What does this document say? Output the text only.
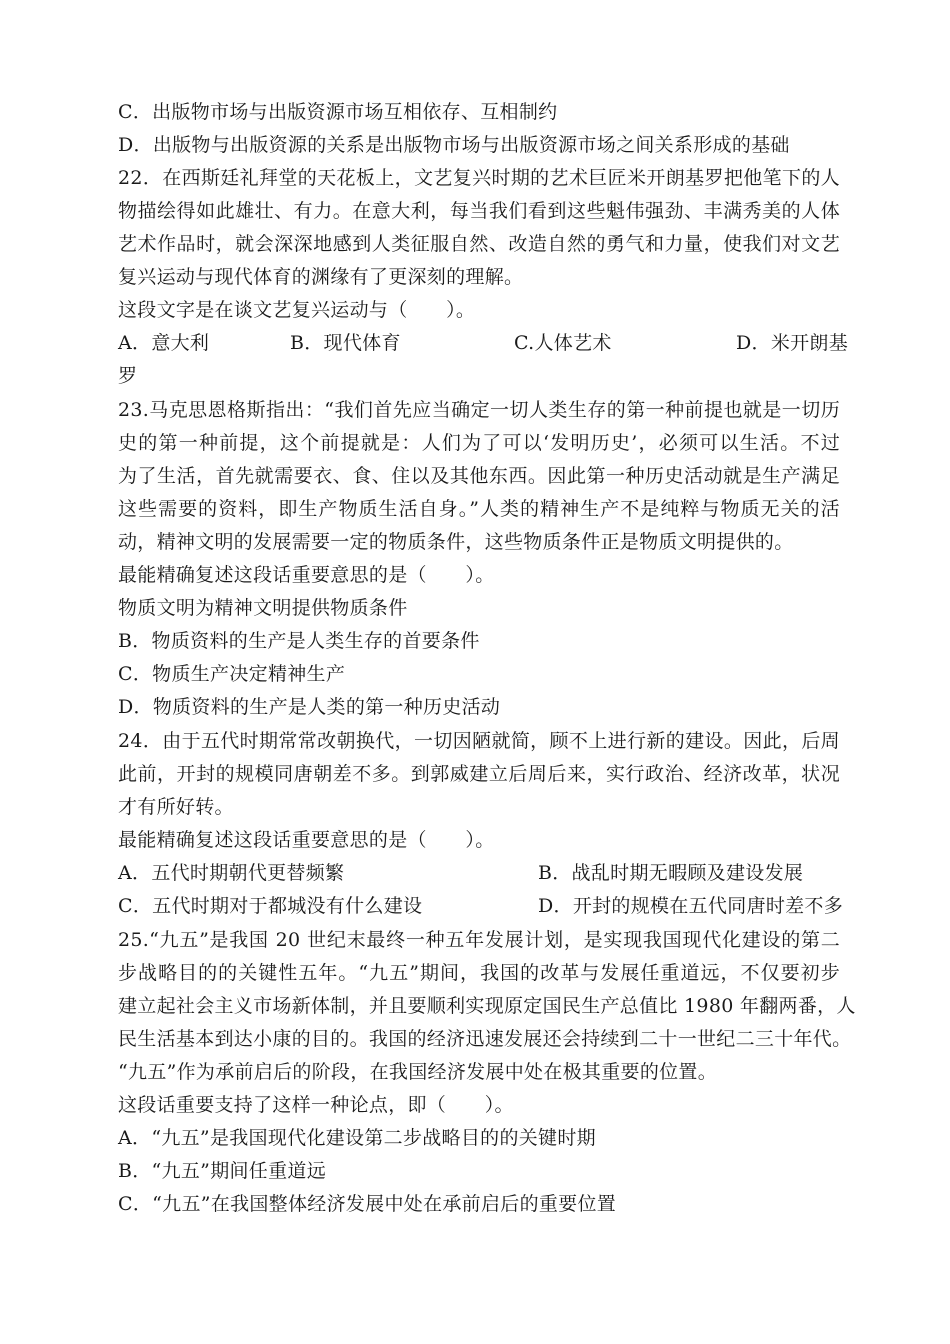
C．出版物市场与出版资源市场互相依存、互相制约
D．出版物与出版资源的关系是出版物市场与出版资源市场之间关系形成的基础
22．在西斯廷礼拜堂的天花板上，文艺复兴时期的艺术巨匠米开朗基罗把他笔下的人
物描绘得如此雄壮、有力。在意大利，每当我们看到这些魁伟强劲、丰满秀美的人体
艺术作品时，就会深深地感到人类征服自然、改造自然的勇气和力量，使我们对文艺
复兴运动与现代体育的渊缘有了更深刻的理解。
这段文字是在谈文艺复兴运动与（　　）。
A．意大利	B．现代体育	C.人体艺术	D．米开朗基
罗
23.马克思恩格斯指出：“我们首先应当确定一切人类生存的第一种前提也就是一切历
史的第一种前提，这个前提就是：人们为了可以‘发明历史’，必须可以生活。不过
为了生活，首先就需要衣、食、住以及其他东西。因此第一种历史活动就是生产满足
这些需要的资料，即生产物质生活自身。”人类的精神生产不是纯粹与物质无关的活
动，精神文明的发展需要一定的物质条件，这些物质条件正是物质文明提供的。
最能精确复述这段话重要意思的是（　　）。
物质文明为精神文明提供物质条件
B．物质资料的生产是人类生存的首要条件
C．物质生产决定精神生产
D．物质资料的生产是人类的第一种历史活动
24．由于五代时期常常改朝换代，一切因陋就简，顾不上进行新的建设。因此，后周
此前，开封的规模同唐朝差不多。到郭威建立后周后来，实行政治、经济改革，状况
才有所好转。
最能精确复述这段话重要意思的是（　　）。
A．五代时期朝代更替频繁	B．战乱时期无暇顾及建设发展
C．五代时期对于都城没有什么建设	D．开封的规模在五代同唐时差不多
25.“九五”是我国 20 世纪末最终一种五年发展计划，是实现我国现代化建设的第二
步战略目的的关键性五年。“九五”期间，我国的改革与发展任重道远，不仅要初步
建立起社会主义市场新体制，并且要顺利实现原定国民生产总值比 1980 年翻两番，人
民生活基本到达小康的目的。我国的经济迅速发展还会持续到二十一世纪二三十年代。
“九五”作为承前启后的阶段，在我国经济发展中处在极其重要的位置。
这段话重要支持了这样一种论点，即（　　）。
A．“九五”是我国现代化建设第二步战略目的的关键时期
B．“九五”期间任重道远
C．“九五”在我国整体经济发展中处在承前启后的重要位置
